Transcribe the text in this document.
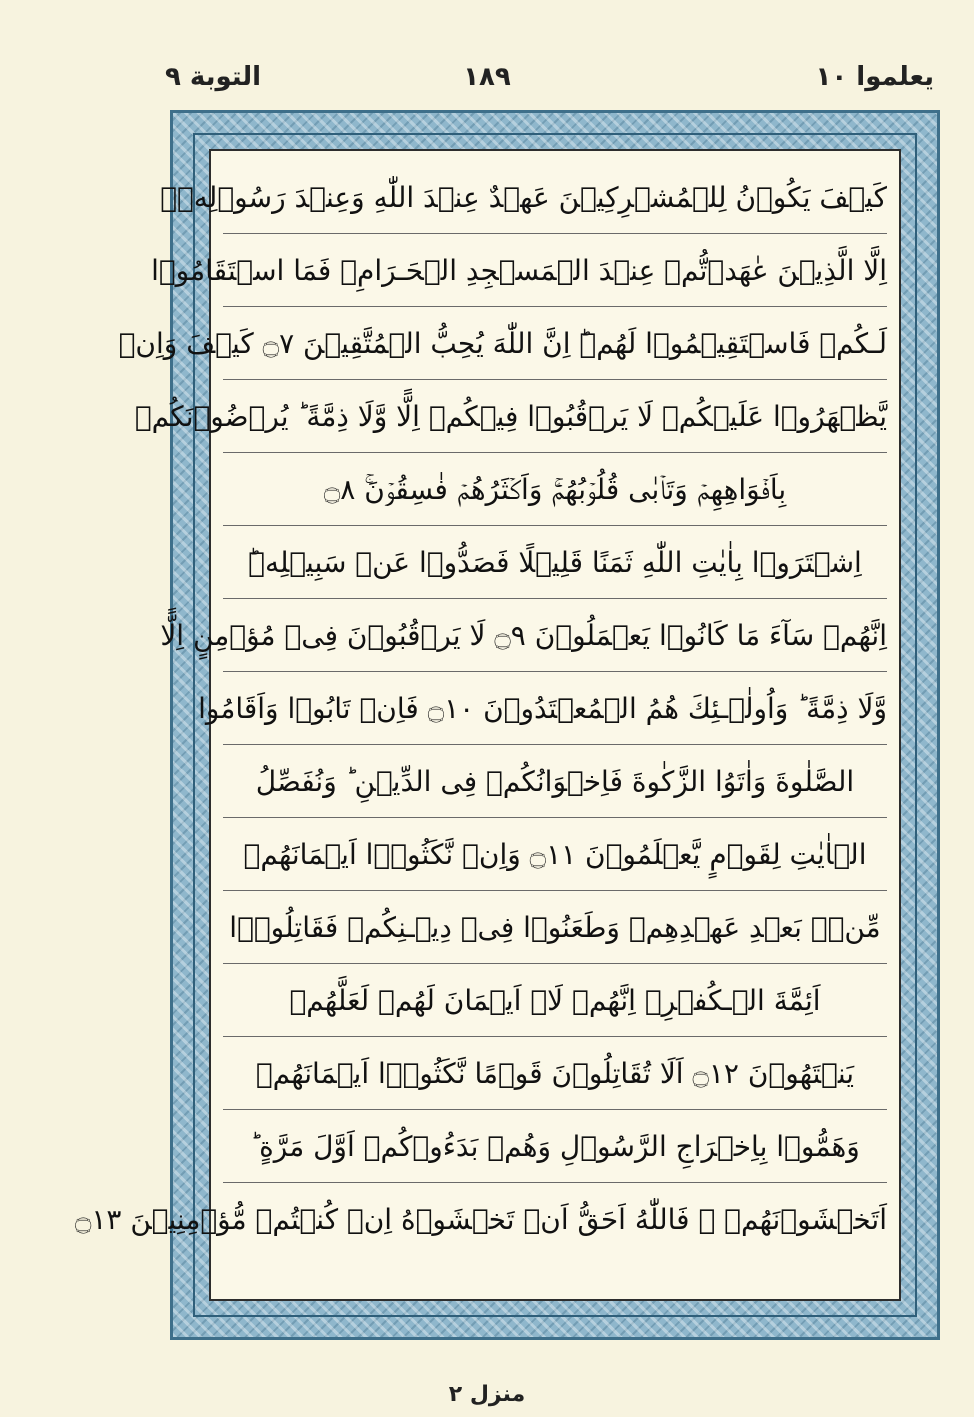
يعلموا ١٠
١٨٩
التوبة ٩
كَيۡفَ يَكُوۡنُ لِلۡمُشۡرِكِيۡنَ عَهۡدٌ عِنۡدَ اللّٰهِ وَعِنۡدَ رَسُوۡلِهٖۤ
اِلَّا الَّذِيۡنَ عٰهَدۡتُّمۡ عِنۡدَ الۡمَسۡجِدِ الۡحَـرَامِۚ فَمَا اسۡتَقَامُوۡا
لَـكُمۡ فَاسۡتَقِيۡمُوۡا لَهُمۡ​ؕ اِنَّ اللّٰهَ يُحِبُّ الۡمُتَّقِيۡنَ ۝٧ كَيۡفَ وَاِنۡ
يَّظۡهَرُوۡا عَلَيۡكُمۡ لَا يَرۡقُبُوۡا فِيۡكُمۡ اِلًّا وَّلَا ذِمَّةً​ ؕ يُرۡضُوۡنَكُمۡ
بِاَفۡوَاهِهِمۡ وَتَاۡبٰى قُلُوۡبُهُمۡ​ۚ وَاَكۡثَرُهُمۡ فٰسِقُوۡنَ​ۚ ۝٨
اِشۡتَرَوۡا بِاٰيٰتِ اللّٰهِ ثَمَنًا قَلِيۡلًا فَصَدُّوۡا عَنۡ سَبِيۡلِهٖ​ؕ
اِنَّهُمۡ سَآءَ مَا كَانُوۡا يَعۡمَلُوۡنَ ۝٩ لَا يَرۡقُبُوۡنَ فِىۡ مُؤۡمِنٍ اِلًّا
وَّلَا ذِمَّةً​ ؕ وَاُولٰۤـئِكَ هُمُ الۡمُعۡتَدُوۡنَ ۝١٠ فَاِنۡ تَابُوۡا وَاَقَامُوا
الصَّلٰوةَ وَاٰتَوُا الزَّكٰوةَ فَاِخۡوَانُكُمۡ فِى الدِّيۡنِ​ ؕ وَنُفَصِّلُ
الۡاٰيٰتِ لِقَوۡمٍ يَّعۡلَمُوۡنَ ۝١١ وَاِنۡ نَّكَثُوۡۤا اَيۡمَانَهُمۡ
مِّنۡۢ بَعۡدِ عَهۡدِهِمۡ وَطَعَنُوۡا فِىۡ دِيۡـنِكُمۡ فَقَاتِلُوۡۤا
اَئِمَّةَ الۡـكُفۡرِ​ۙ اِنَّهُمۡ لَاۤ اَيۡمَانَ لَهُمۡ لَعَلَّهُمۡ
يَنۡتَهُوۡنَ ۝١٢ اَلَا تُقَاتِلُوۡنَ قَوۡمًا نَّكَثُوۡۤا اَيۡمَانَهُمۡ
وَهَمُّوۡا بِاِخۡرَاجِ الرَّسُوۡلِ وَهُمۡ بَدَءُوۡكُمۡ اَوَّلَ مَرَّةٍ​ ؕ
اَتَخۡشَوۡنَهُمۡ​ ۚ فَاللّٰهُ اَحَقُّ اَنۡ تَخۡشَوۡهُ اِنۡ كُنۡتُمۡ مُّؤۡمِنِيۡنَ ۝١٣
منزل ٢
